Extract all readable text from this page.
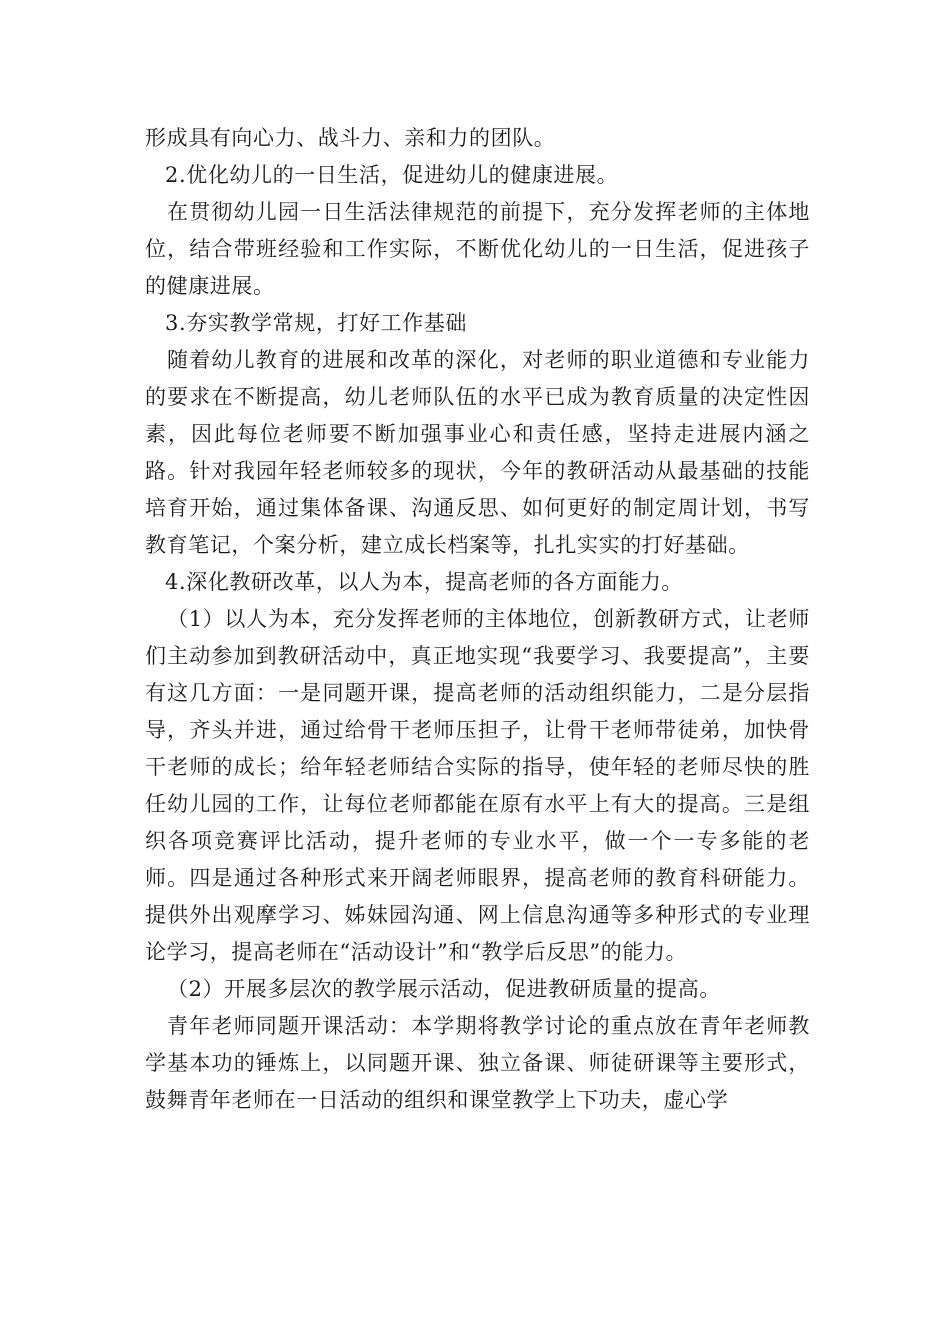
形成具有向心力、战斗力、亲和力的团队。

2.优化幼儿的一日生活，促进幼儿的健康进展。

在贯彻幼儿园一日生活法律规范的前提下，充分发挥老师的主体地位，结合带班经验和工作实际，不断优化幼儿的一日生活，促进孩子的健康进展。

3.夯实教学常规，打好工作基础

随着幼儿教育的进展和改革的深化，对老师的职业道德和专业能力的要求在不断提高，幼儿老师队伍的水平已成为教育质量的决定性因素，因此每位老师要不断加强事业心和责任感，坚持走进展内涵之路。针对我园年轻老师较多的现状，今年的教研活动从最基础的技能培育开始，通过集体备课、沟通反思、如何更好的制定周计划，书写教育笔记，个案分析，建立成长档案等，扎扎实实的打好基础。

4.深化教研改革，以人为本，提高老师的各方面能力。

（1）以人为本，充分发挥老师的主体地位，创新教研方式，让老师们主动参加到教研活动中，真正地实现“我要学习、我要提高”，主要有这几方面：一是同题开课，提高老师的活动组织能力，二是分层指导，齐头并进，通过给骨干老师压担子，让骨干老师带徒弟，加快骨干老师的成长；给年轻老师结合实际的指导，使年轻的老师尽快的胜任幼儿园的工作，让每位老师都能在原有水平上有大的提高。三是组织各项竞赛评比活动，提升老师的专业水平，做一个一专多能的老师。四是通过各种形式来开阔老师眼界，提高老师的教育科研能力。提供外出观摩学习、姊妹园沟通、网上信息沟通等多种形式的专业理论学习，提高老师在“活动设计”和“教学后反思”的能力。

（2）开展多层次的教学展示活动，促进教研质量的提高。

青年老师同题开课活动：本学期将教学讨论的重点放在青年老师教学基本功的锤炼上，以同题开课、独立备课、师徒研课等主要形式，鼓舞青年老师在一日活动的组织和课堂教学上下功夫，虚心学
